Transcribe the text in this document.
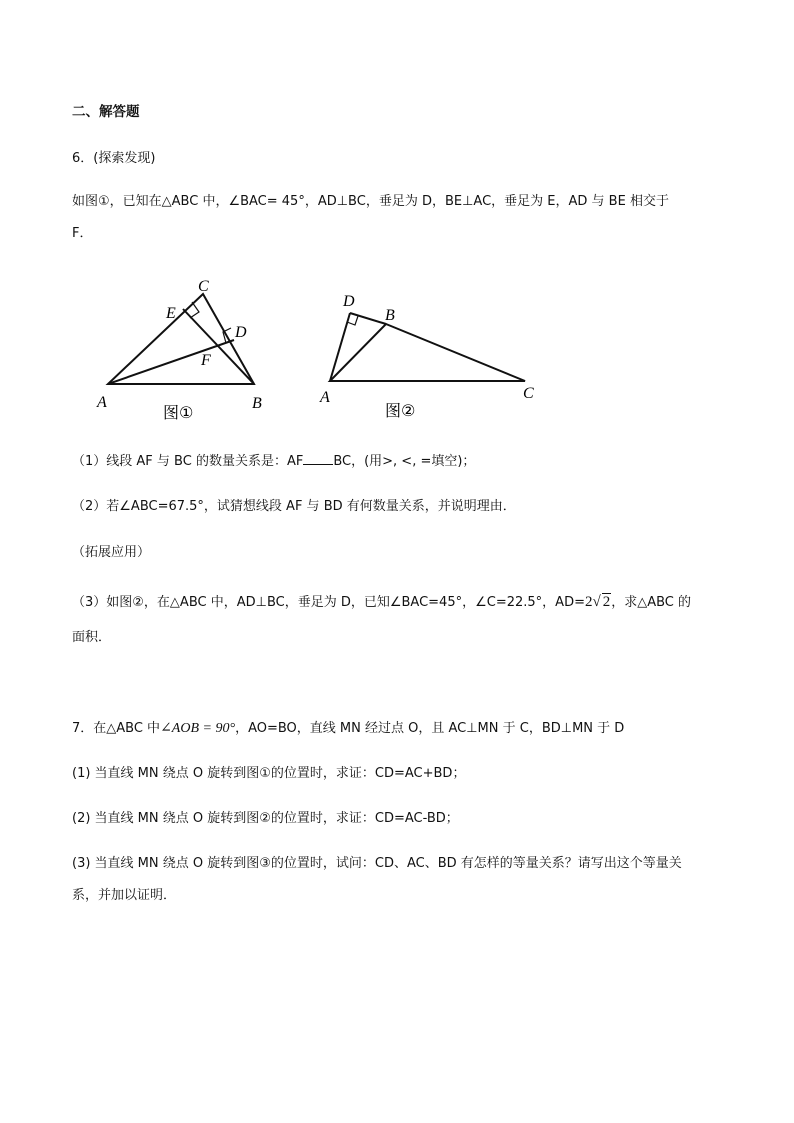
二、解答题
6．(探索发现)
如图①，已知在△ABC 中，∠BAC= 45°，AD⊥BC，垂足为 D，BE⊥AC，垂足为 E，AD 与 BE 相交于
F．
A	B
C
D
E
F
图①
A
B
C
D
图②
（1）线段 AF 与 BC 的数量关系是：AF BC，(用>, <, =填空)；
（2）若∠ABC=67.5°，试猜想线段 AF 与 BD 有何数量关系，并说明理由．
（拓展应用）
（3）如图②，在△ABC 中，AD⊥BC，垂足为 D，已知∠BAC=45°，∠C=22.5°，AD=2√ 2，求△ABC 的
面积．
7．在△ABC 中∠AOB = 90°，AO=BO，直线 MN 经过点 O，且 AC⊥MN 于 C，BD⊥MN 于 D
(1) 当直线 MN 绕点 O 旋转到图①的位置时，求证：CD=AC+BD；
(2) 当直线 MN 绕点 O 旋转到图②的位置时，求证：CD=AC-BD；
(3) 当直线 MN 绕点 O 旋转到图③的位置时，试问：CD、AC、BD 有怎样的等量关系？请写出这个等量关
系，并加以证明．
